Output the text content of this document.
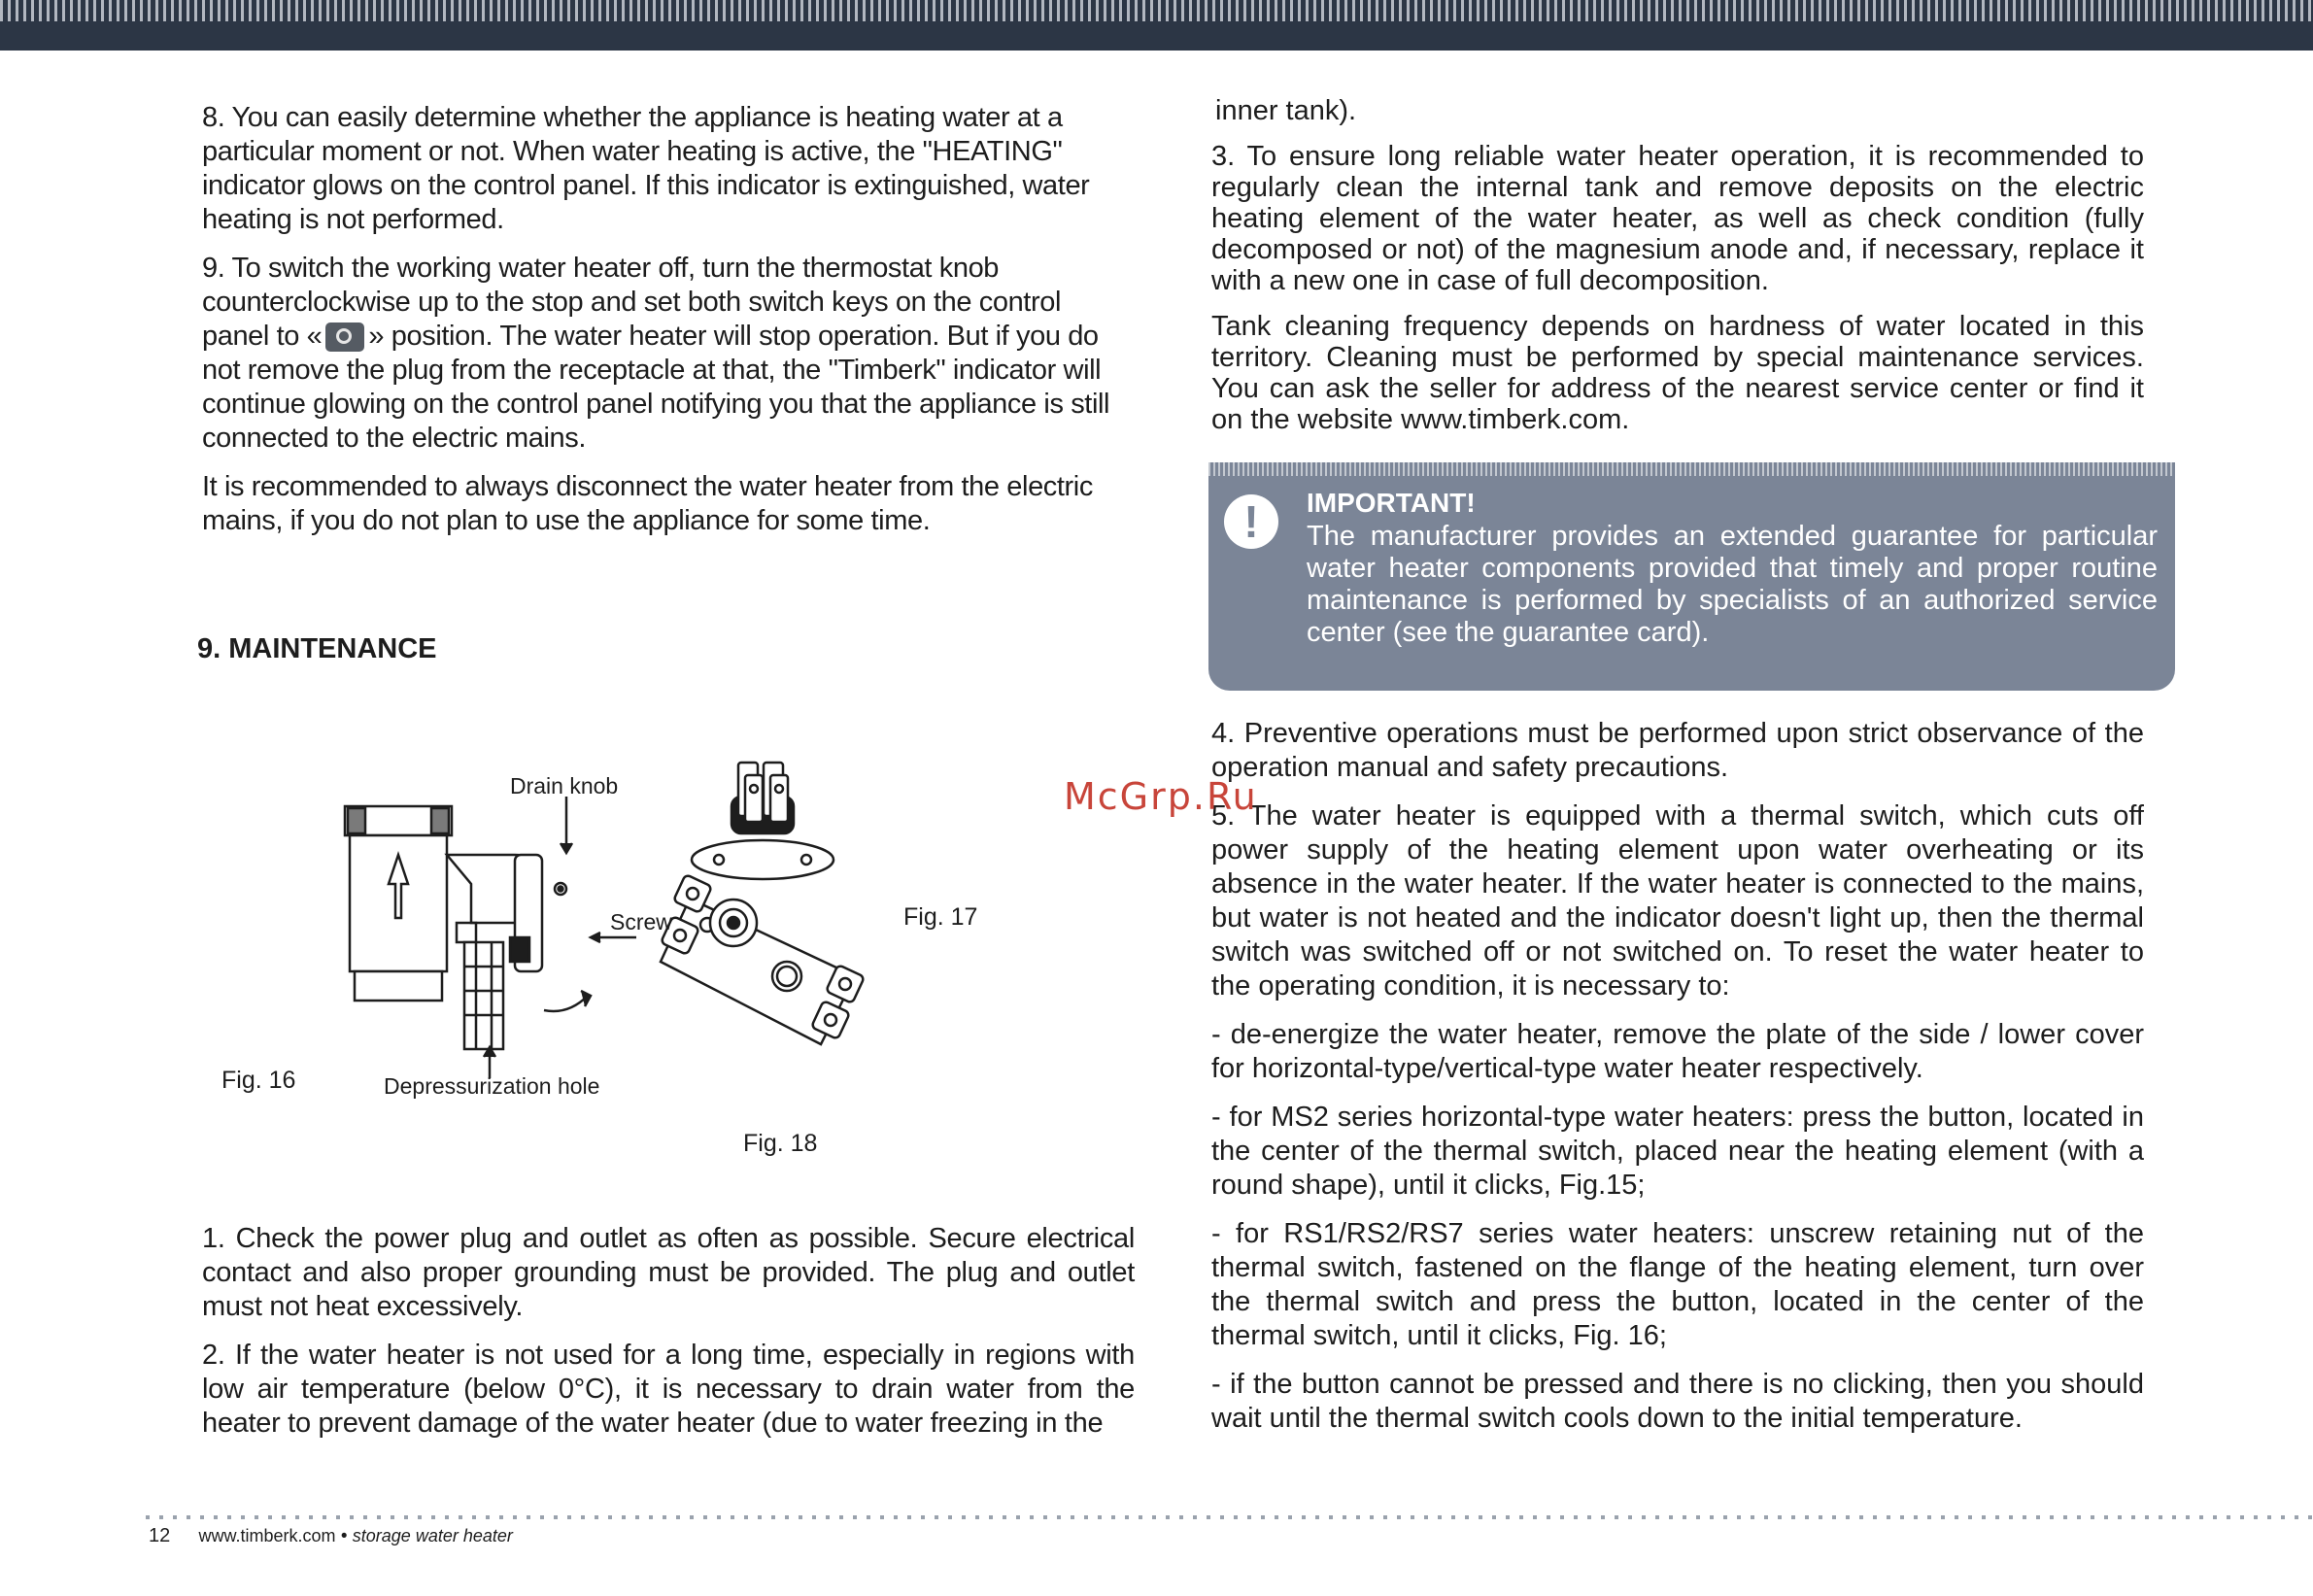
8. You can easily determine whether the appliance is heating water at a particular moment or not. When water heating is active, the "HEATING" indicator glows on the control panel. If this indicator is extinguished, water heating is not performed.

9. To switch the working water heater off, turn the thermostat knob counterclockwise up to the stop and set both switch keys on the control panel to « » position. The water heater will stop operation. But if you do not remove the plug from the receptacle at that, the "Timberk" indicator will continue glowing on the control panel notifying you that the appliance is still connected to the electric mains.

It is recommended to always disconnect the water heater from the electric mains, if you do not plan to use the appliance for some time.

9. MAINTENANCE
Drain knob
Screw
Fig. 16	Depressurization hole
Fig. 17
Fig. 18

1. Check the power plug and outlet as often as possible. Secure electrical contact and also proper grounding must be provided. The plug and outlet must not heat excessively.

2. If the water heater is not used for a long time, especially in regions with low air temperature (below 0°C), it is necessary to drain water from the heater to prevent damage of the water heater (due to water freezing in the

inner tank).

3. To ensure long reliable water heater operation, it is recommended to regularly clean the internal tank and remove deposits on the electric heating element of the water heater, as well as check condition (fully decomposed or not) of the magnesium anode and, if necessary, replace it with a new one in case of full decomposition.

Tank cleaning frequency depends on hardness of water located in this territory. Cleaning must be performed by special maintenance services. You can ask the seller for address of the nearest service center or find it on the website www.timberk.com.

!	IMPORTANT!
The manufacturer provides an extended guarantee for particular water heater components provided that timely and proper routine maintenance is performed by specialists of an authorized service center (see the guarantee card).

4. Preventive operations must be performed upon strict observance of the operation manual and safety precautions.

5. The water heater is equipped with a thermal switch, which cuts off power supply of the heating element upon water overheating or its absence in the water heater. If the water heater is connected to the mains, but water is not heated and the indicator doesn't light up, then the thermal switch was switched off or not switched on. To reset the water heater to the operating condition, it is necessary to:

- de-energize the water heater, remove the plate of the side / lower cover for horizontal-type/vertical-type water heater respectively.

- for MS2 series horizontal-type water heaters: press the button, located in the center of the thermal switch, placed near the heating element (with a round shape), until it clicks, Fig.15;

- for RS1/RS2/RS7 series water heaters: unscrew retaining nut of the thermal switch, fastened on the flange of the heating element, turn over the thermal switch and press the button, located in the center of the thermal switch, until it clicks, Fig. 16;

- if the button cannot be pressed and there is no clicking, then you should wait until the thermal switch cools down to the initial temperature.

McGrp.Ru
12 www.timberk.com • storage water heater
